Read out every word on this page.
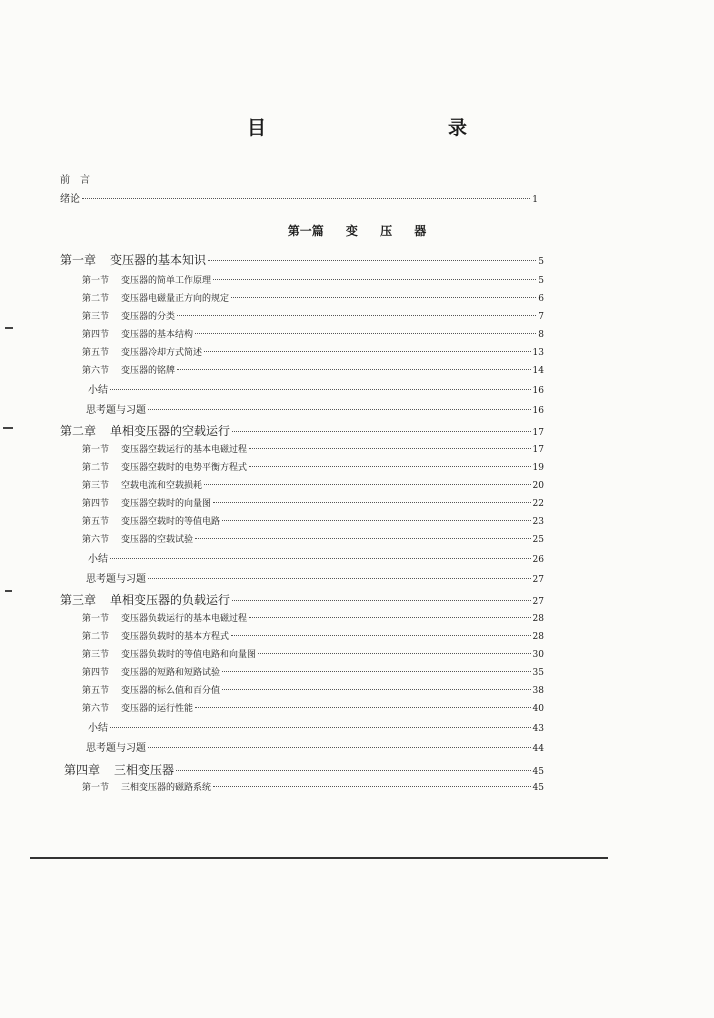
目　　录
前　言
绪论	1
第一篇 变 压 器
第一章 变压器的基本知识	5
第一节 变压器的简单工作原理	5
第二节 变压器电磁量正方向的规定	6
第三节 变压器的分类	7
第四节 变压器的基本结构	8
第五节 变压器冷却方式简述	13
第六节 变压器的铭牌	14
小结	16
思考题与习题	16
第二章 单相变压器的空载运行	17
第一节 变压器空载运行的基本电磁过程	17
第二节 变压器空载时的电势平衡方程式	19
第三节 空载电流和空载损耗	20
第四节 变压器空载时的向量图	22
第五节 变压器空载时的等值电路	23
第六节 变压器的空载试验	25
小结	26
思考题与习题	27
第三章 单相变压器的负载运行	27
第一节 变压器负载运行的基本电磁过程	28
第二节 变压器负载时的基本方程式	28
第三节 变压器负载时的等值电路和向量图	30
第四节 变压器的短路和短路试验	35
第五节 变压器的标么值和百分值	38
第六节 变压器的运行性能	40
小结	43
思考题与习题	44
第四章 三相变压器	45
第一节 三相变压器的磁路系统	45
